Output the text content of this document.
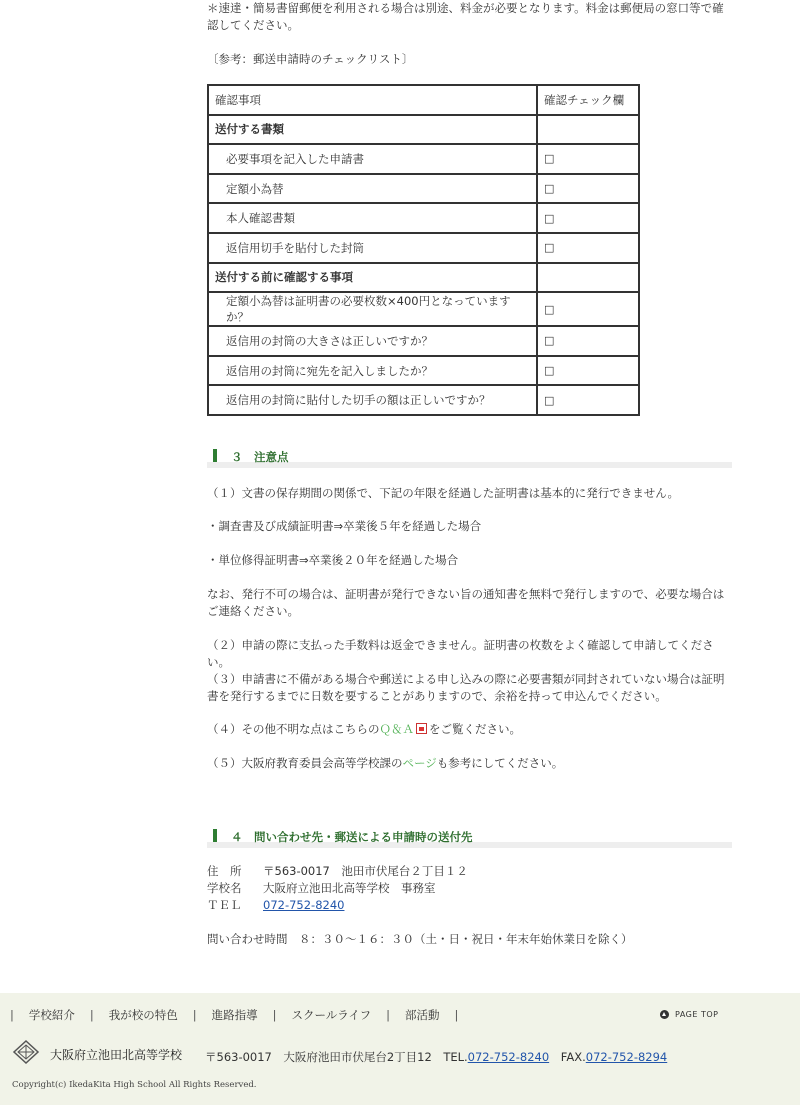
＊速達・簡易書留郵便を利用される場合は別途、料金が必要となります。料金は郵便局の窓口等で確認してください。
〔参考：郵送申請時のチェックリスト〕
確認事項	確認チェック欄
送付する書類	
必要事項を記入した申請書	□
定額小為替	□
本人確認書類	□
返信用切手を貼付した封筒	□
送付する前に確認する事項	
定額小為替は証明書の必要枚数×400円となっていますか？	□
返信用の封筒の大きさは正しいですか？	□
返信用の封筒に宛先を記入しましたか？	□
返信用の封筒に貼付した切手の額は正しいですか？	□
３　注意点
（１）文書の保存期間の関係で、下記の年限を経過した証明書は基本的に発行できません。
・調査書及び成績証明書⇒卒業後５年を経過した場合
・単位修得証明書⇒卒業後２０年を経過した場合
なお、発行不可の場合は、証明書が発行できない旨の通知書を無料で発行しますので、必要な場合はご連絡ください。
（２）申請の際に支払った手数料は返金できません。証明書の枚数をよく確認して申請してください。
（３）申請書に不備がある場合や郵送による申し込みの際に必要書類が同封されていない場合は証明書を発行するまでに日数を要することがありますので、余裕を持って申込んでください。
（４）その他不明な点はこちらのＱ＆Ａ をご覧ください。
（５）大阪府教育委員会高等学校課のページも参考にしてください。
４　問い合わせ先・郵送による申請時の送付先
住　所 〒563-0017　池田市伏尾台２丁目１２
学校名 大阪府立池田北高等学校　事務室
ＴＥＬ 072-752-8240
問い合わせ時間　８：３０～１６：３０（土・日・祝日・年末年始休業日を除く）
| 学校紹介 | 我が校の特色 | 進路指導 | スクールライフ | 部活動 |	PAGE TOP
大阪府立池田北高等学校 〒563-0017　大阪府池田市伏尾台2丁目12　TEL.072-752-8240 FAX.072-752-8294
Copyright(c) IkedaKita High School All Rights Reserved.
